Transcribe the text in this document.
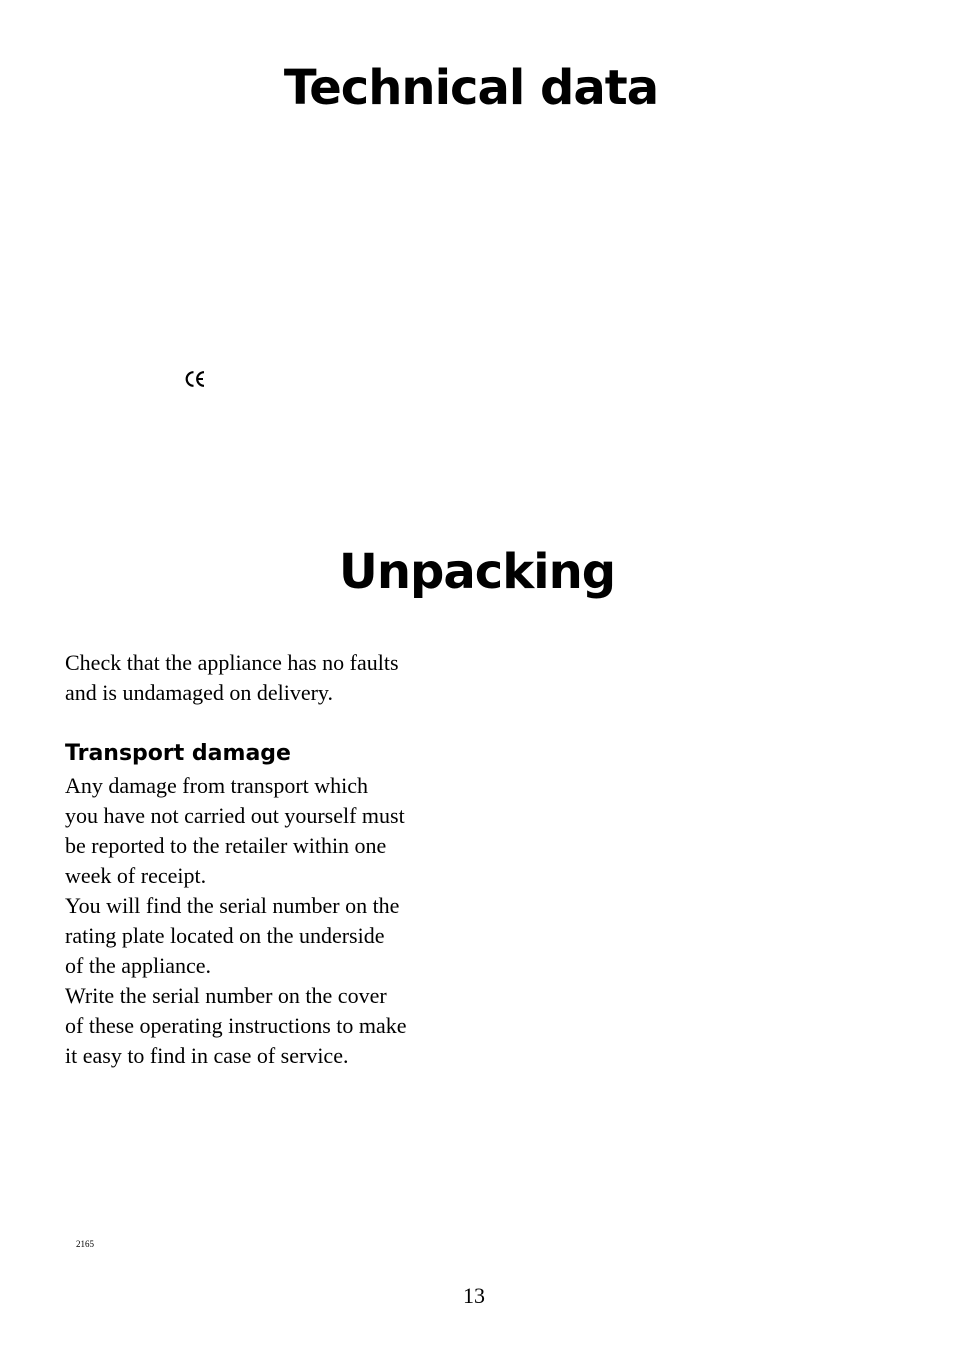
Technical data
Unpacking

Check that the appliance has no faults
and is undamaged on delivery.

Transport damage

Any damage from transport which
you have not carried out yourself must
be reported to the retailer within one
week of receipt.
You will find the serial number on the
rating plate located on the underside
of the appliance.
Write the serial number on the cover
of these operating instructions to make
it easy to find in case of service.

2165
13
